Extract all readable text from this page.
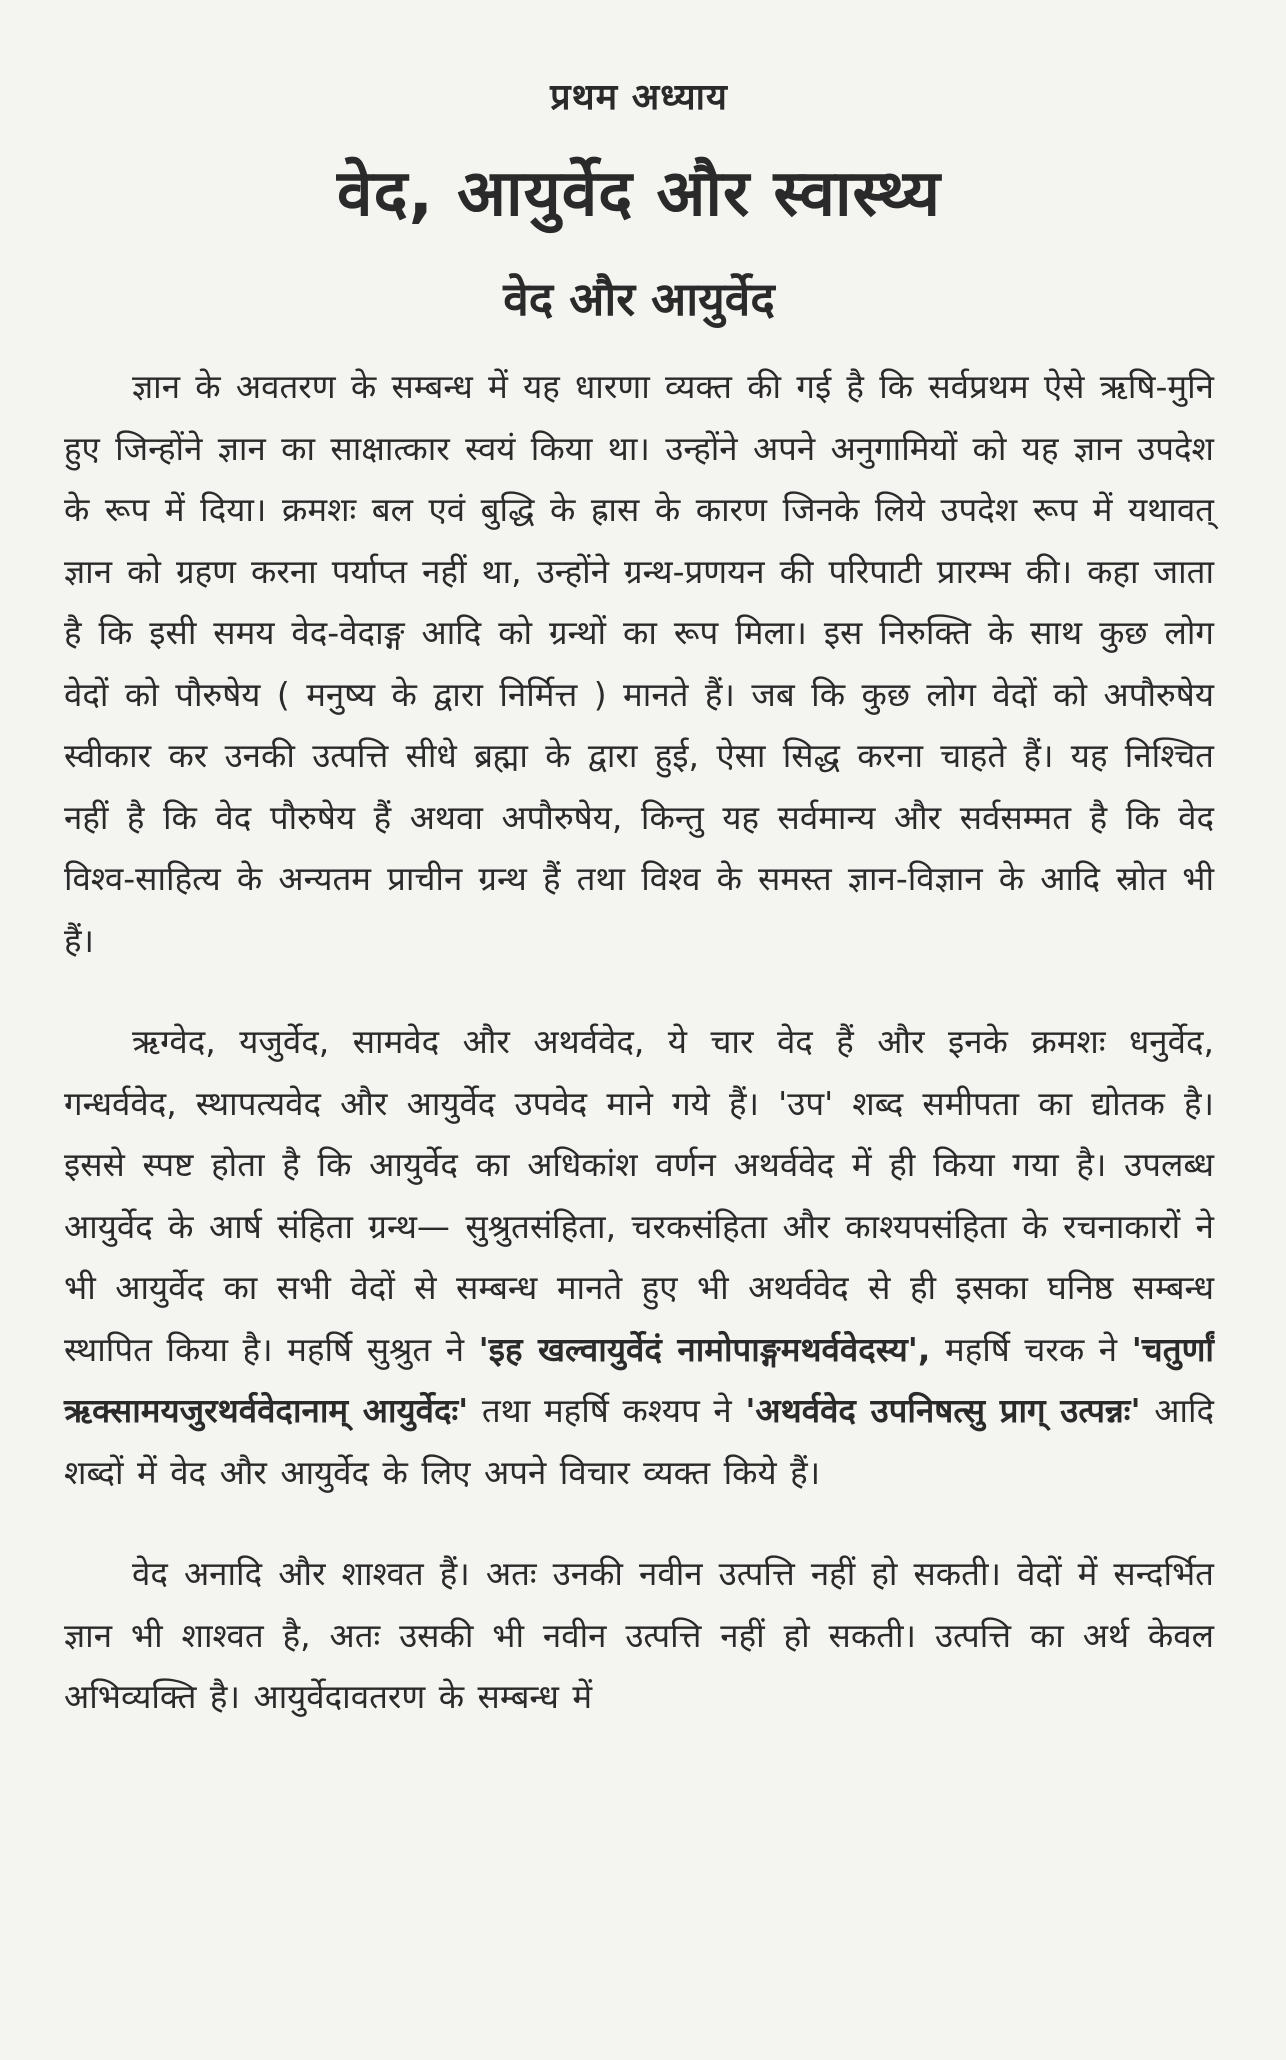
प्रथम अध्याय
वेद, आयुर्वेद और स्वास्थ्य
वेद और आयुर्वेद

ज्ञान के अवतरण के सम्बन्ध में यह धारणा व्यक्त की गई है कि सर्वप्रथम ऐसे ऋषि-मुनि हुए जिन्होंने ज्ञान का साक्षात्कार स्वयं किया था। उन्होंने अपने अनुगामियों को यह ज्ञान उपदेश के रूप में दिया। क्रमशः बल एवं बुद्धि के ह्रास के कारण जिनके लिये उपदेश रूप में यथावत् ज्ञान को ग्रहण करना पर्याप्त नहीं था, उन्होंने ग्रन्थ-प्रणयन की परिपाटी प्रारम्भ की। कहा जाता है कि इसी समय वेद-वेदाङ्ग आदि को ग्रन्थों का रूप मिला। इस निरुक्ति के साथ कुछ लोग वेदों को पौरुषेय ( मनुष्य के द्वारा निर्मित्त ) मानते हैं। जब कि कुछ लोग वेदों को अपौरुषेय स्वीकार कर उनकी उत्पत्ति सीधे ब्रह्मा के द्वारा हुई, ऐसा सिद्ध करना चाहते हैं। यह निश्चित नहीं है कि वेद पौरुषेय हैं अथवा अपौरुषेय, किन्तु यह सर्वमान्य और सर्वसम्मत है कि वेद विश्व-साहित्य के अन्यतम प्राचीन ग्रन्थ हैं तथा विश्व के समस्त ज्ञान-विज्ञान के आदि स्रोत भी हैं।

ऋग्वेद, यजुर्वेद, सामवेद और अथर्ववेद, ये चार वेद हैं और इनके क्रमशः धनुर्वेद, गन्धर्ववेद, स्थापत्यवेद और आयुर्वेद उपवेद माने गये हैं। 'उप' शब्द समीपता का द्योतक है। इससे स्पष्ट होता है कि आयुर्वेद का अधिकांश वर्णन अथर्ववेद में ही किया गया है। उपलब्ध आयुर्वेद के आर्ष संहिता ग्रन्थ— सुश्रुतसंहिता, चरकसंहिता और काश्यपसंहिता के रचनाकारों ने भी आयुर्वेद का सभी वेदों से सम्बन्ध मानते हुए भी अथर्ववेद से ही इसका घनिष्ठ सम्बन्ध स्थापित किया है। महर्षि सुश्रुत ने 'इह खल्वायुर्वेदं नामोपाङ्गमथर्ववेदस्य', महर्षि चरक ने 'चतुर्णां ऋक्सामयजुरथर्ववेदानाम् आयुर्वेदः' तथा महर्षि कश्यप ने 'अथर्ववेद उपनिषत्सु प्राग् उत्पन्नः' आदि शब्दों में वेद और आयुर्वेद के लिए अपने विचार व्यक्त किये हैं।

वेद अनादि और शाश्वत हैं। अतः उनकी नवीन उत्पत्ति नहीं हो सकती। वेदों में सन्दर्भित ज्ञान भी शाश्वत है, अतः उसकी भी नवीन उत्पत्ति नहीं हो सकती। उत्पत्ति का अर्थ केवल अभिव्यक्ति है। आयुर्वेदावतरण के सम्बन्ध में
